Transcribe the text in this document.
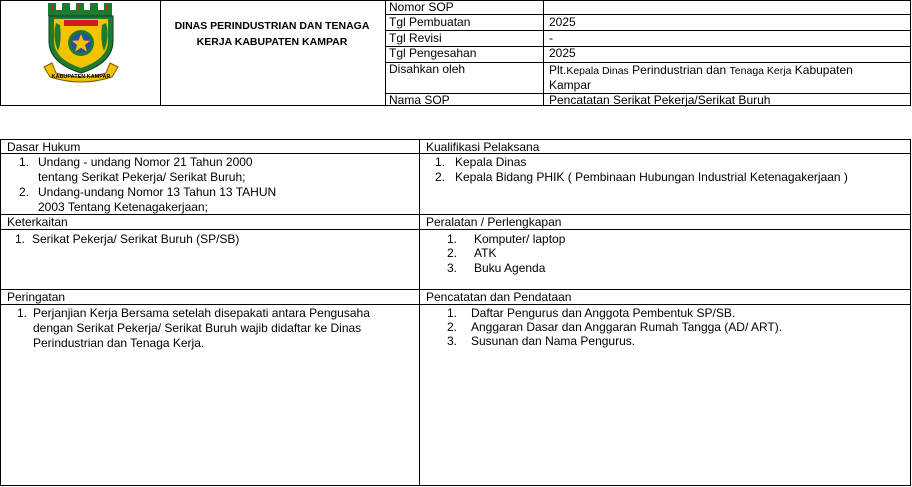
KABUPATEN KAMPAR
DINAS PERINDUSTRIAN DAN TENAGA
KERJA KABUPATEN KAMPAR
Nomor SOP
Tgl Pembuatan	2025
Tgl Revisi	-
Tgl Pengesahan	2025
Disahkan oleh	Plt.Kepala Dinas Perindustrian dan Tenaga Kerja Kabupaten
Kampar
Nama SOP	Pencatatan Serikat Pekerja/Serikat Buruh
Dasar Hukum
1. Undang - undang Nomor 21 Tahun 2000
tentang Serikat Pekerja/ Serikat Buruh;
2. Undang-undang Nomor 13 Tahun 13 TAHUN
2003 Tentang Ketenagakerjaan;
Kualifikasi Pelaksana
1. Kepala Dinas
2. Kepala Bidang PHIK ( Pembinaan Hubungan Industrial Ketenagakerjaan )
Keterkaitan
1. Serikat Pekerja/ Serikat Buruh (SP/SB)
Peralatan / Perlengkapan
1. Komputer/ laptop
2. ATK
3. Buku Agenda
Peringatan
1. Perjanjian Kerja Bersama setelah disepakati antara Pengusaha
dengan Serikat Pekerja/ Serikat Buruh wajib didaftar ke Dinas
Perindustrian dan Tenaga Kerja.
Pencatatan dan Pendataan
1. Daftar Pengurus dan Anggota Pembentuk SP/SB.
2. Anggaran Dasar dan Anggaran Rumah Tangga (AD/ ART).
3. Susunan dan Nama Pengurus.
